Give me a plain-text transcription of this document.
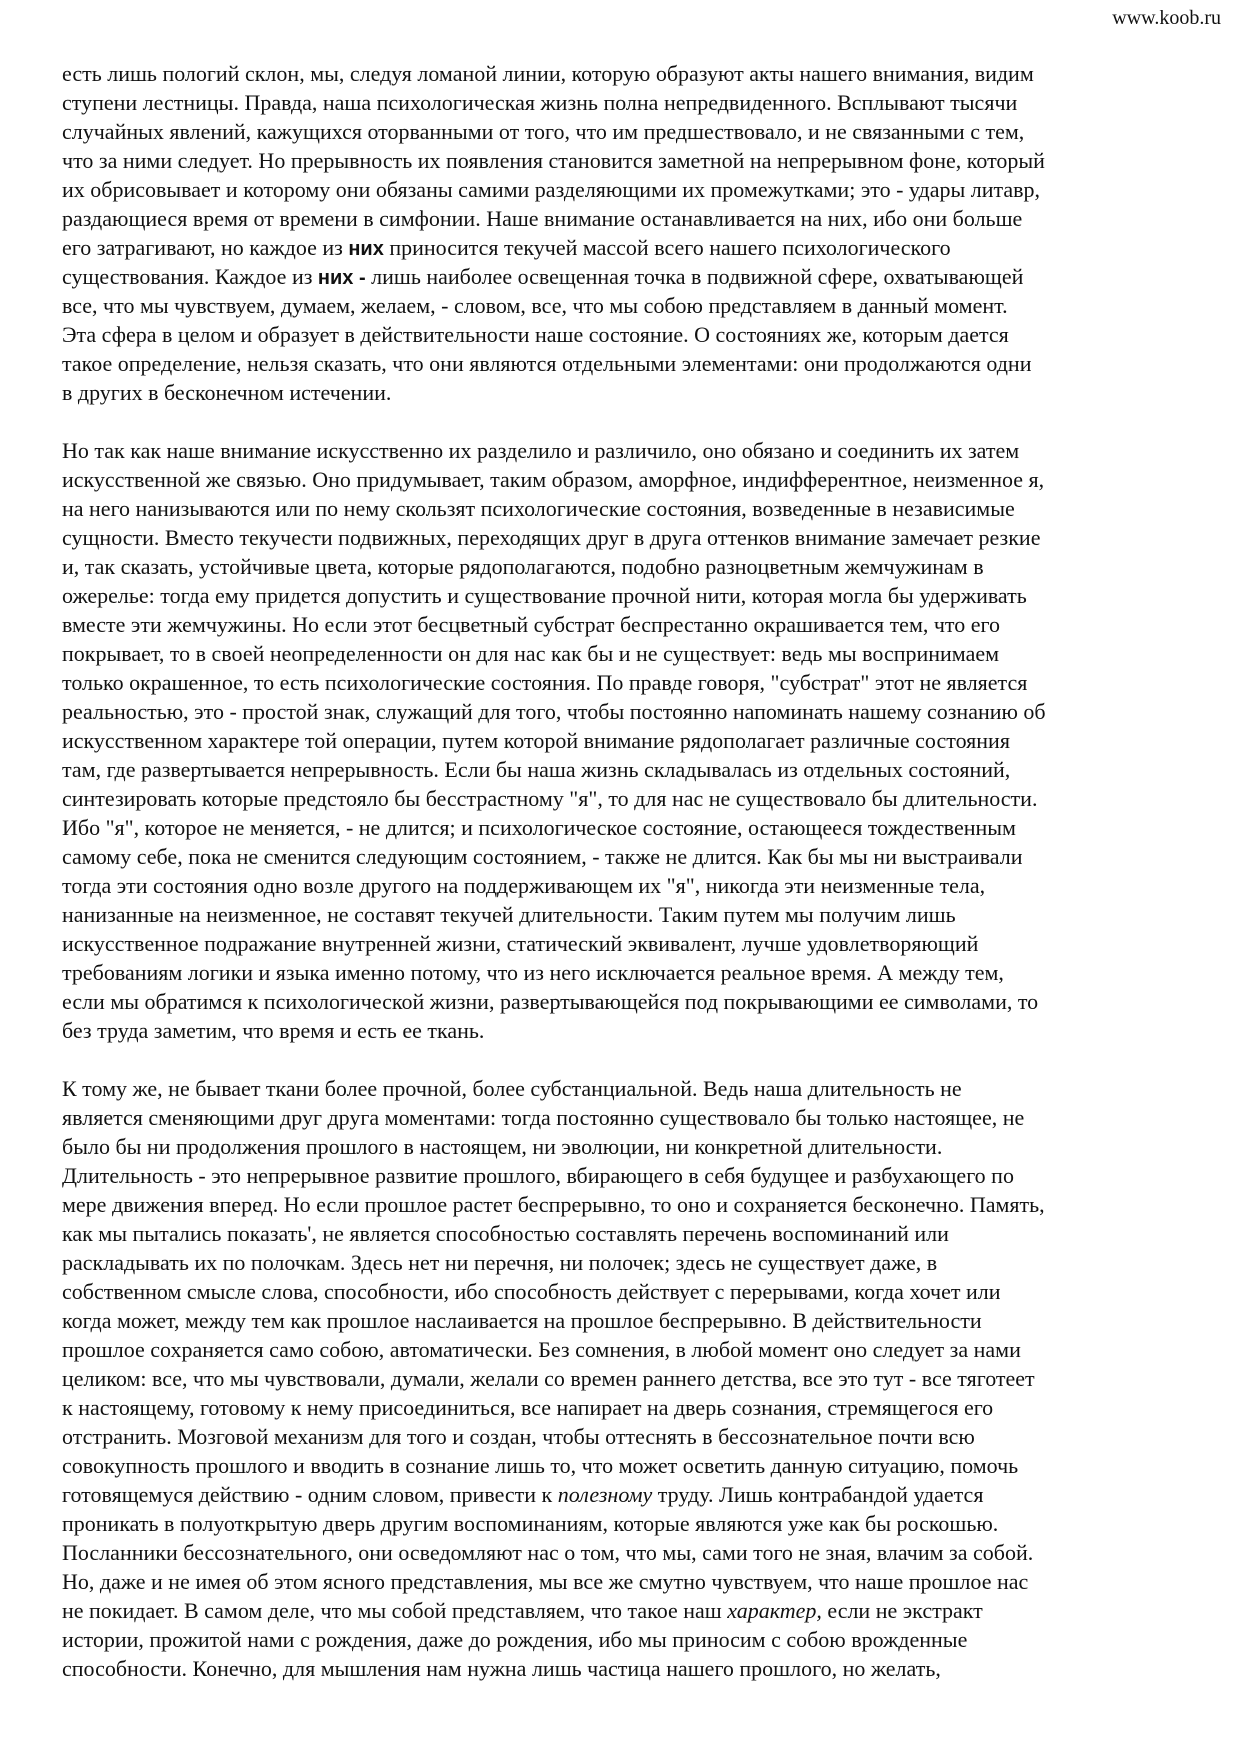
www.koob.ru
есть лишь пологий склон, мы, следуя ломаной линии, которую образуют акты нашего внимания, видим
ступени лестницы. Правда, наша психологическая жизнь полна непредвиденного. Всплывают тысячи
случайных явлений, кажущихся оторванными от того, что им предшествовало, и не связанными с тем,
что за ними следует. Но прерывность их появления становится заметной на непрерывном фоне, который
их обрисовывает и которому они обязаны самими разделяющими их промежутками; это - удары литавр,
раздающиеся время от времени в симфонии. Наше внимание останавливается на них, ибо они больше
его затрагивают, но каждое из них приносится текучей массой всего нашего психологического
существования. Каждое из них - лишь наиболее освещенная точка в подвижной сфере, охватывающей
все, что мы чувствуем, думаем, желаем, - словом, все, что мы собою представляем в данный момент.
Эта сфера в целом и образует в действительности наше состояние. О состояниях же, которым дается
такое определение, нельзя сказать, что они являются отдельными элементами: они продолжаются одни
в других в бесконечном истечении.
Но так как наше внимание искусственно их разделило и различило, оно обязано и соединить их затем
искусственной же связью. Оно придумывает, таким образом, аморфное, индифферентное, неизменное я,
на него нанизываются или по нему скользят психологические состояния, возведенные в независимые
сущности. Вместо текучести подвижных, переходящих друг в друга оттенков внимание замечает резкие
и, так сказать, устойчивые цвета, которые рядополагаются, подобно разноцветным жемчужинам в
ожерелье: тогда ему придется допустить и существование прочной нити, которая могла бы удерживать
вместе эти жемчужины. Но если этот бесцветный субстрат беспрестанно окрашивается тем, что его
покрывает, то в своей неопределенности он для нас как бы и не существует: ведь мы воспринимаем
только окрашенное, то есть психологические состояния. По правде говоря, "субстрат" этот не является
реальностью, это - простой знак, служащий для того, чтобы постоянно напоминать нашему сознанию об
искусственном характере той операции, путем которой внимание рядополагает различные состояния
там, где развертывается непрерывность. Если бы наша жизнь складывалась из отдельных состояний,
синтезировать которые предстояло бы бесстрастному "я", то для нас не существовало бы длительности.
Ибо "я", которое не меняется, - не длится; и психологическое состояние, остающееся тождественным
самому себе, пока не сменится следующим состоянием, - также не длится. Как бы мы ни выстраивали
тогда эти состояния одно возле другого на поддерживающем их "я", никогда эти неизменные тела,
нанизанные на неизменное, не составят текучей длительности. Таким путем мы получим лишь
искусственное подражание внутренней жизни, статический эквивалент, лучше удовлетворяющий
требованиям логики и языка именно потому, что из него исключается реальное время. А между тем,
если мы обратимся к психологической жизни, развертывающейся под покрывающими ее символами, то
без труда заметим, что время и есть ее ткань.
К тому же, не бывает ткани более прочной, более субстанциальной. Ведь наша длительность не
является сменяющими друг друга моментами: тогда постоянно существовало бы только настоящее, не
было бы ни продолжения прошлого в настоящем, ни эволюции, ни конкретной длительности.
Длительность - это непрерывное развитие прошлого, вбирающего в себя будущее и разбухающего по
мере движения вперед. Но если прошлое растет беспрерывно, то оно и сохраняется бесконечно. Память,
как мы пытались показать', не является способностью составлять перечень воспоминаний или
раскладывать их по полочкам. Здесь нет ни перечня, ни полочек; здесь не существует даже, в
собственном смысле слова, способности, ибо способность действует с перерывами, когда хочет или
когда может, между тем как прошлое наслаивается на прошлое беспрерывно. В действительности
прошлое сохраняется само собою, автоматически. Без сомнения, в любой момент оно следует за нами
целиком: все, что мы чувствовали, думали, желали со времен раннего детства, все это тут - все тяготеет
к настоящему, готовому к нему присоединиться, все напирает на дверь сознания, стремящегося его
отстранить. Мозговой механизм для того и создан, чтобы оттеснять в бессознательное почти всю
совокупность прошлого и вводить в сознание лишь то, что может осветить данную ситуацию, помочь
готовящемуся действию - одним словом, привести к полезному труду. Лишь контрабандой удается
проникать в полуоткрытую дверь другим воспоминаниям, которые являются уже как бы роскошью.
Посланники бессознательного, они осведомляют нас о том, что мы, сами того не зная, влачим за собой.
Но, даже и не имея об этом ясного представления, мы все же смутно чувствуем, что наше прошлое нас
не покидает. В самом деле, что мы собой представляем, что такое наш характер, если не экстракт
истории, прожитой нами с рождения, даже до рождения, ибо мы приносим с собою врожденные
способности. Конечно, для мышления нам нужна лишь частица нашего прошлого, но желать,
